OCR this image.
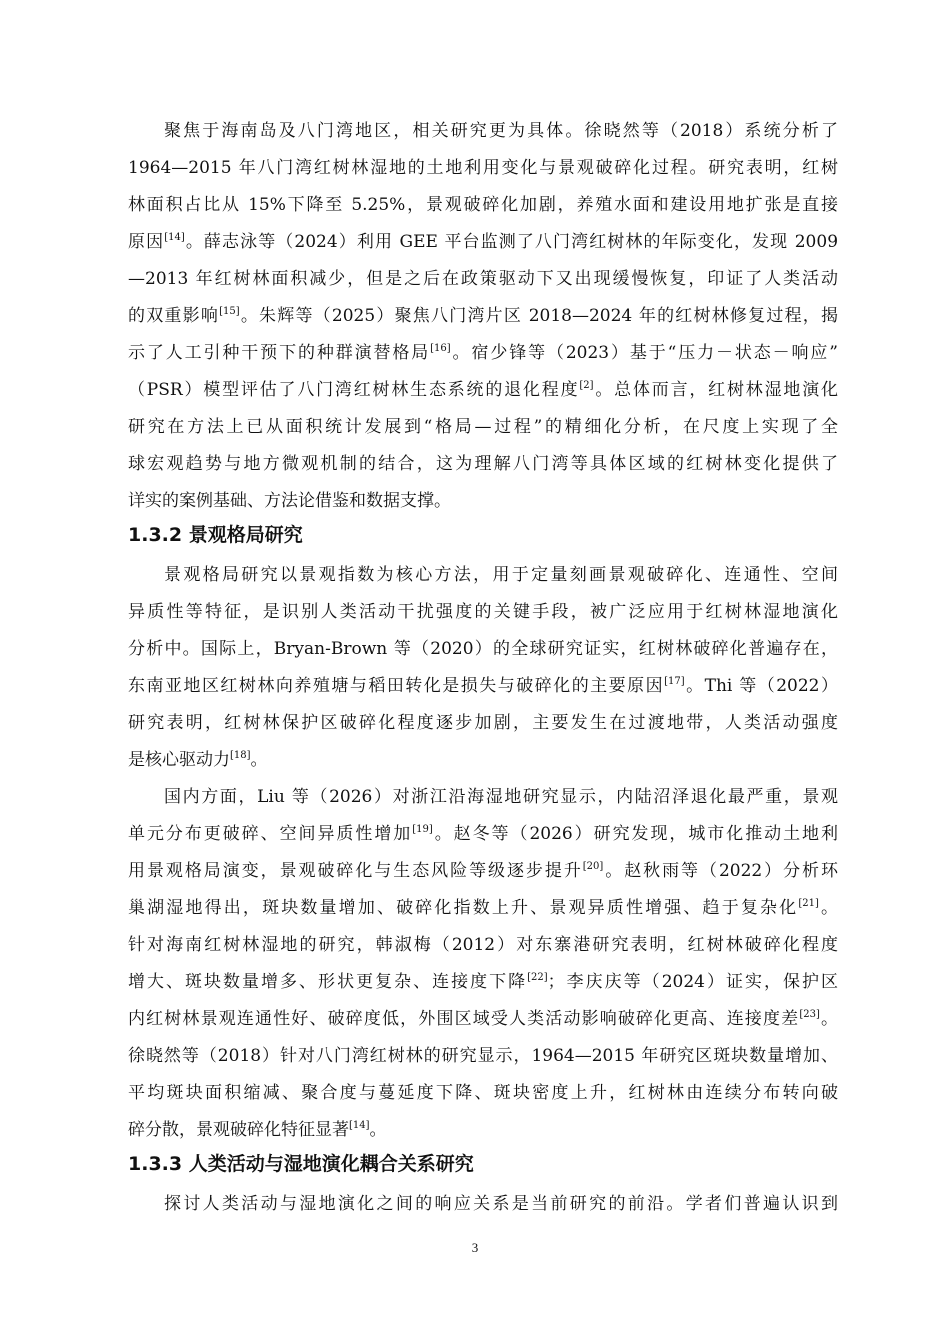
聚焦于海南岛及八门湾地区，相关研究更为具体。徐晓然等（2018）系统分析了
1964—2015 年八门湾红树林湿地的土地利用变化与景观破碎化过程。研究表明，红树
林面积占比从 15%下降至 5.25%，景观破碎化加剧，养殖水面和建设用地扩张是直接
原因[14]。薛志泳等（2024）利用 GEE 平台监测了八门湾红树林的年际变化，发现 2009
—2013 年红树林面积减少，但是之后在政策驱动下又出现缓慢恢复，印证了人类活动
的双重影响[15]。朱辉等（2025）聚焦八门湾片区 2018—2024 年的红树林修复过程，揭
示了人工引种干预下的种群演替格局[16]。宿少锋等（2023）基于“压力－状态－响应”
（PSR）模型评估了八门湾红树林生态系统的退化程度[2]。总体而言，红树林湿地演化
研究在方法上已从面积统计发展到“格局—过程”的精细化分析，在尺度上实现了全
球宏观趋势与地方微观机制的结合，这为理解八门湾等具体区域的红树林变化提供了
详实的案例基础、方法论借鉴和数据支撑。
1.3.2 景观格局研究
景观格局研究以景观指数为核心方法，用于定量刻画景观破碎化、连通性、空间
异质性等特征，是识别人类活动干扰强度的关键手段，被广泛应用于红树林湿地演化
分析中。国际上，Bryan-Brown 等（2020）的全球研究证实，红树林破碎化普遍存在，
东南亚地区红树林向养殖塘与稻田转化是损失与破碎化的主要原因[17]。Thi 等（2022）
研究表明，红树林保护区破碎化程度逐步加剧，主要发生在过渡地带，人类活动强度
是核心驱动力[18]。
国内方面，Liu 等（2026）对浙江沿海湿地研究显示，内陆沼泽退化最严重，景观
单元分布更破碎、空间异质性增加[19]。赵冬等（2026）研究发现，城市化推动土地利
用景观格局演变，景观破碎化与生态风险等级逐步提升[20]。赵秋雨等（2022）分析环
巢湖湿地得出，斑块数量增加、破碎化指数上升、景观异质性增强、趋于复杂化[21]。
针对海南红树林湿地的研究，韩淑梅（2012）对东寨港研究表明，红树林破碎化程度
增大、斑块数量增多、形状更复杂、连接度下降[22]；李庆庆等（2024）证实，保护区
内红树林景观连通性好、破碎度低，外围区域受人类活动影响破碎化更高、连接度差[23]。
徐晓然等（2018）针对八门湾红树林的研究显示，1964—2015 年研究区斑块数量增加、
平均斑块面积缩减、聚合度与蔓延度下降、斑块密度上升，红树林由连续分布转向破
碎分散，景观破碎化特征显著[14]。
1.3.3 人类活动与湿地演化耦合关系研究
探讨人类活动与湿地演化之间的响应关系是当前研究的前沿。学者们普遍认识到
3
